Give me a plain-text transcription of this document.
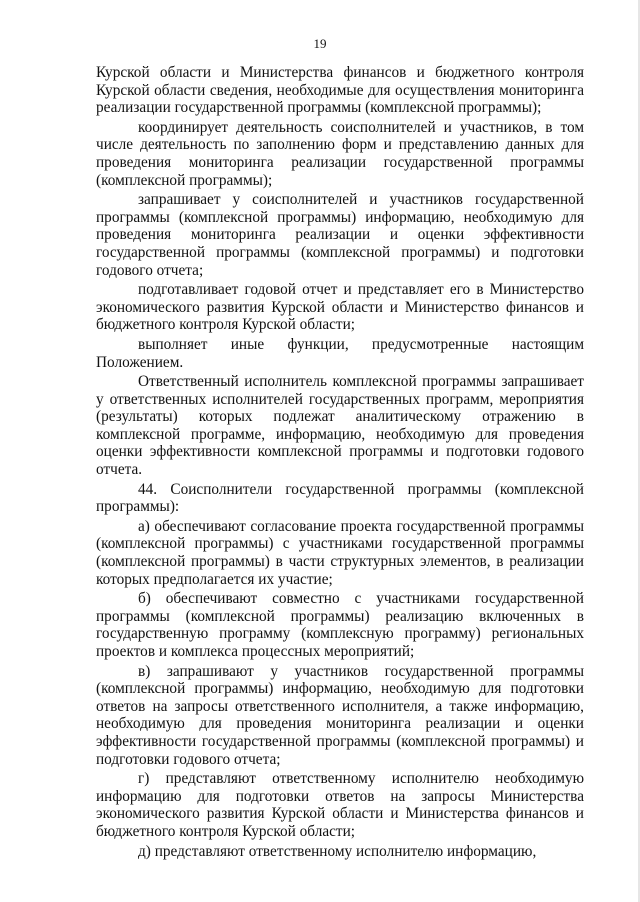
19

Курской области и Министерства финансов и бюджетного контроля Курской области сведения, необходимые для осуществления мониторинга реализации государственной программы (комплексной программы);

координирует деятельность соисполнителей и участников, в том числе деятельность по заполнению форм и представлению данных для проведения мониторинга реализации государственной программы (комплексной программы);

запрашивает у соисполнителей и участников государственной программы (комплексной программы) информацию, необходимую для проведения мониторинга реализации и оценки эффективности государственной программы (комплексной программы) и подготовки годового отчета;

подготавливает годовой отчет и представляет его в Министерство экономического развития Курской области и Министерство финансов и бюджетного контроля Курской области;

выполняет иные функции, предусмотренные настоящим Положением.

Ответственный исполнитель комплексной программы запрашивает у ответственных исполнителей государственных программ, мероприятия (результаты) которых подлежат аналитическому отражению в комплексной программе, информацию, необходимую для проведения оценки эффективности комплексной программы и подготовки годового отчета.

44. Соисполнители государственной программы (комплексной программы):

а) обеспечивают согласование проекта государственной программы (комплексной программы) с участниками государственной программы (комплексной программы) в части структурных элементов, в реализации которых предполагается их участие;

б) обеспечивают совместно с участниками государственной программы (комплексной программы) реализацию включенных в государственную программу (комплексную программу) региональных проектов и комплекса процессных мероприятий;

в) запрашивают у участников государственной программы (комплексной программы) информацию, необходимую для подготовки ответов на запросы ответственного исполнителя, а также информацию, необходимую для проведения мониторинга реализации и оценки эффективности государственной программы (комплексной программы) и подготовки годового отчета;

г) представляют ответственному исполнителю необходимую информацию для подготовки ответов на запросы Министерства экономического развития Курской области и Министерства финансов и бюджетного контроля Курской области;

д) представляют ответственному исполнителю информацию,
